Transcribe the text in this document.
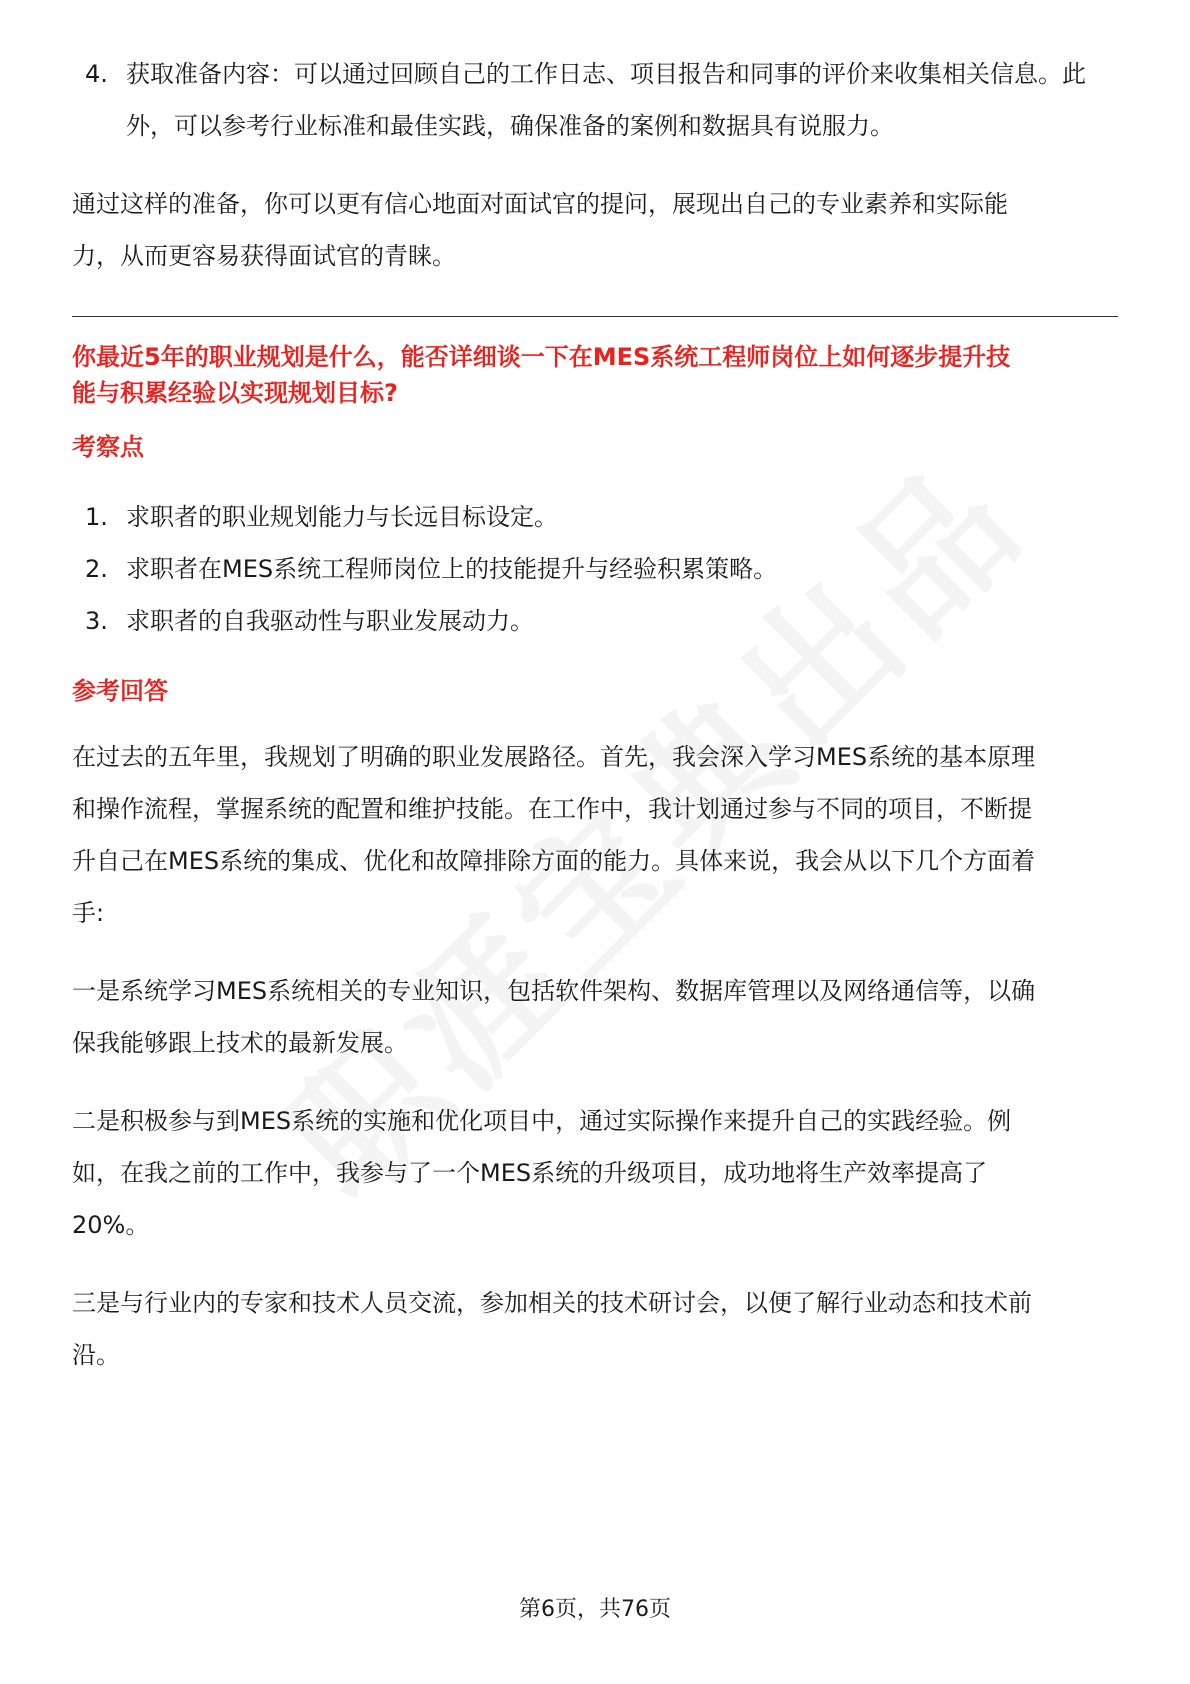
4. 获取准备内容：可以通过回顾自己的工作日志、项目报告和同事的评价来收集相关信息。此外，可以参考行业标准和最佳实践，确保准备的案例和数据具有说服力。

通过这样的准备，你可以更有信心地面对面试官的提问，展现出自己的专业素养和实际能力，从而更容易获得面试官的青睐。

你最近5年的职业规划是什么，能否详细谈一下在MES系统工程师岗位上如何逐步提升技能与积累经验以实现规划目标?

考察点

1. 求职者的职业规划能力与长远目标设定。
2. 求职者在MES系统工程师岗位上的技能提升与经验积累策略。
3. 求职者的自我驱动性与职业发展动力。

参考回答

在过去的五年里，我规划了明确的职业发展路径。首先，我会深入学习MES系统的基本原理和操作流程，掌握系统的配置和维护技能。在工作中，我计划通过参与不同的项目，不断提升自己在MES系统的集成、优化和故障排除方面的能力。具体来说，我会从以下几个方面着手:

一是系统学习MES系统相关的专业知识，包括软件架构、数据库管理以及网络通信等，以确保我能够跟上技术的最新发展。

二是积极参与到MES系统的实施和优化项目中，通过实际操作来提升自己的实践经验。例如，在我之前的工作中，我参与了一个MES系统的升级项目，成功地将生产效率提高了20%。

三是与行业内的专家和技术人员交流，参加相关的技术研讨会，以便了解行业动态和技术前沿。

第6页，共76页
